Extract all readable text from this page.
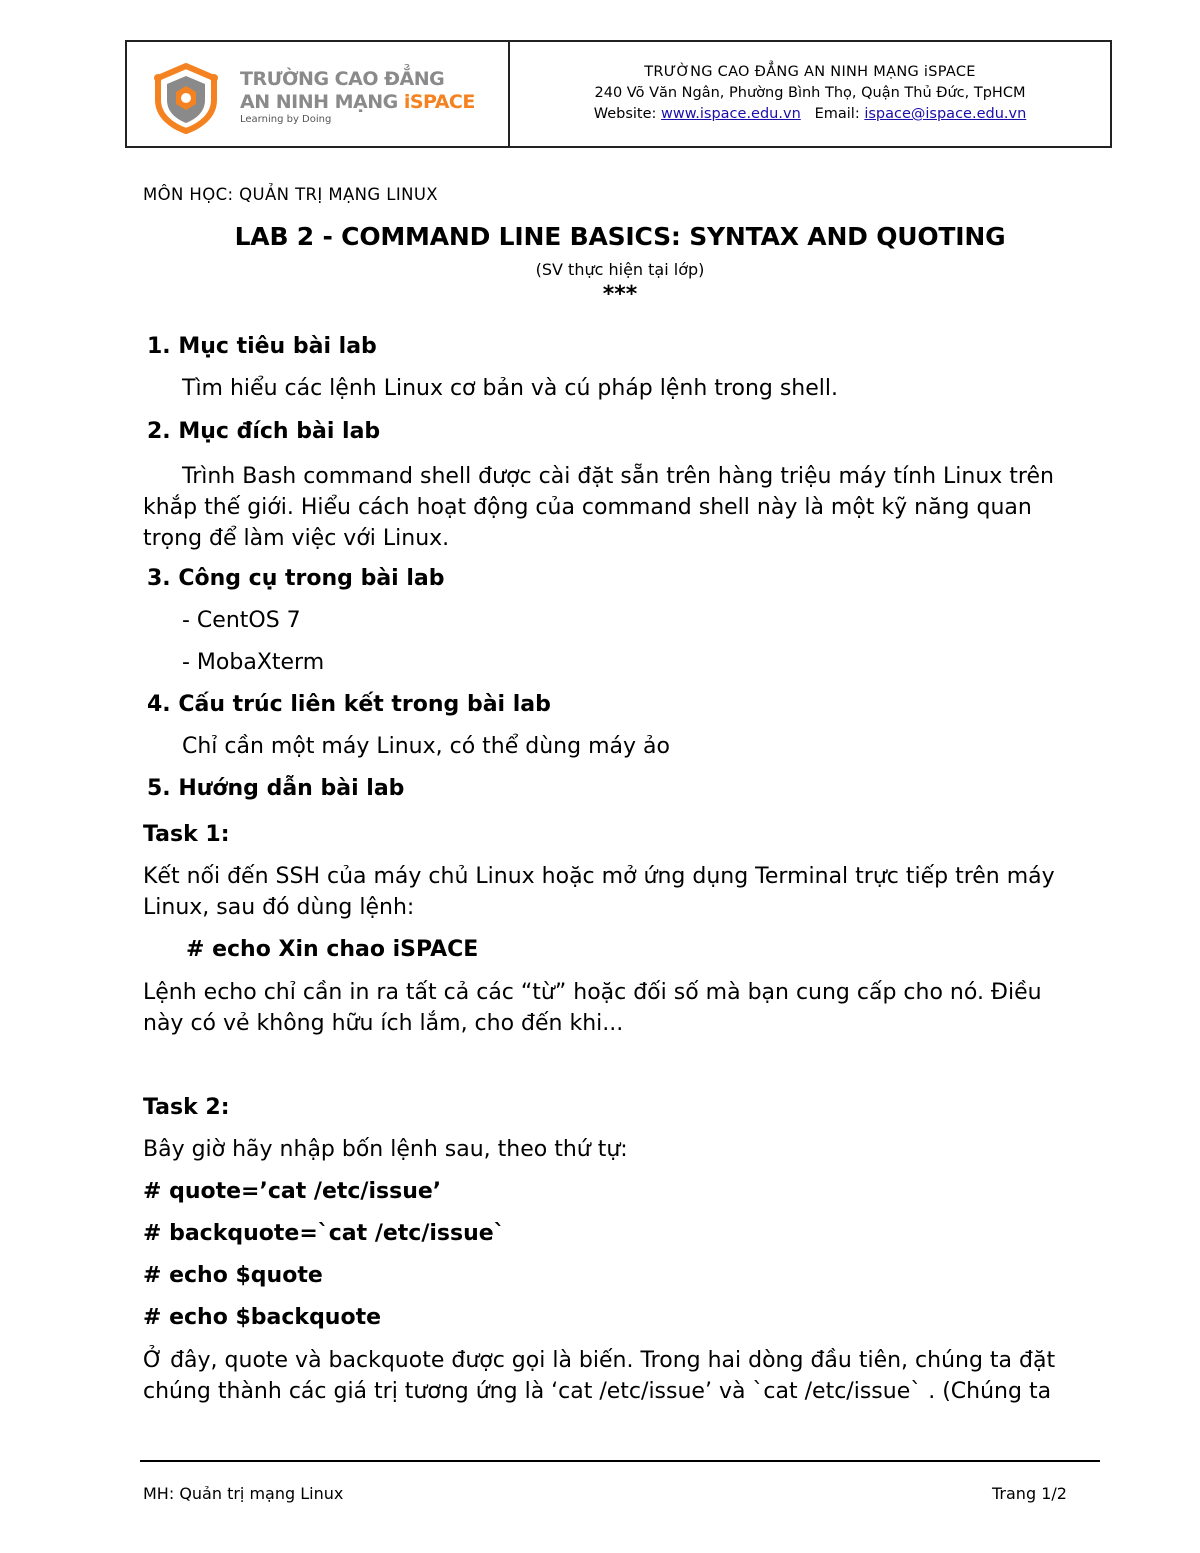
TRƯỜNG CAO ĐẲNG
AN NINH MẠNG iSPACE
Learning by Doing
TRƯỜNG CAO ĐẲNG AN NINH MẠNG iSPACE
240 Võ Văn Ngân, Phường Bình Thọ, Quận Thủ Đức, TpHCM
Website: www.ispace.edu.vn Email: ispace@ispace.edu.vn
MÔN HỌC: QUẢN TRỊ MẠNG LINUX
LAB 2 - COMMAND LINE BASICS: SYNTAX AND QUOTING
(SV thực hiện tại lớp)
***
1. Mục tiêu bài lab
Tìm hiểu các lệnh Linux cơ bản và cú pháp lệnh trong shell.
2. Mục đích bài lab
Trình Bash command shell được cài đặt sẵn trên hàng triệu máy tính Linux trên
khắp thế giới. Hiểu cách hoạt động của command shell này là một kỹ năng quan
trọng để làm việc với Linux.
3. Công cụ trong bài lab
- CentOS 7
- MobaXterm
4. Cấu trúc liên kết trong bài lab
Chỉ cần một máy Linux, có thể dùng máy ảo
5. Hướng dẫn bài lab
Task 1:
Kết nối đến SSH của máy chủ Linux hoặc mở ứng dụng Terminal trực tiếp trên máy
Linux, sau đó dùng lệnh:
# echo Xin chao iSPACE
Lệnh echo chỉ cần in ra tất cả các “từ” hoặc đối số mà bạn cung cấp cho nó. Điều
này có vẻ không hữu ích lắm, cho đến khi...
Task 2:
Bây giờ hãy nhập bốn lệnh sau, theo thứ tự:
# quote=’cat /etc/issue’
# backquote=`cat /etc/issue`
# echo $quote
# echo $backquote
Ở đây, quote và backquote được gọi là biến. Trong hai dòng đầu tiên, chúng ta đặt
chúng thành các giá trị tương ứng là ‘cat /etc/issue’ và `cat /etc/issue` . (Chúng ta
MH: Quản trị mạng Linux	Trang 1/2
